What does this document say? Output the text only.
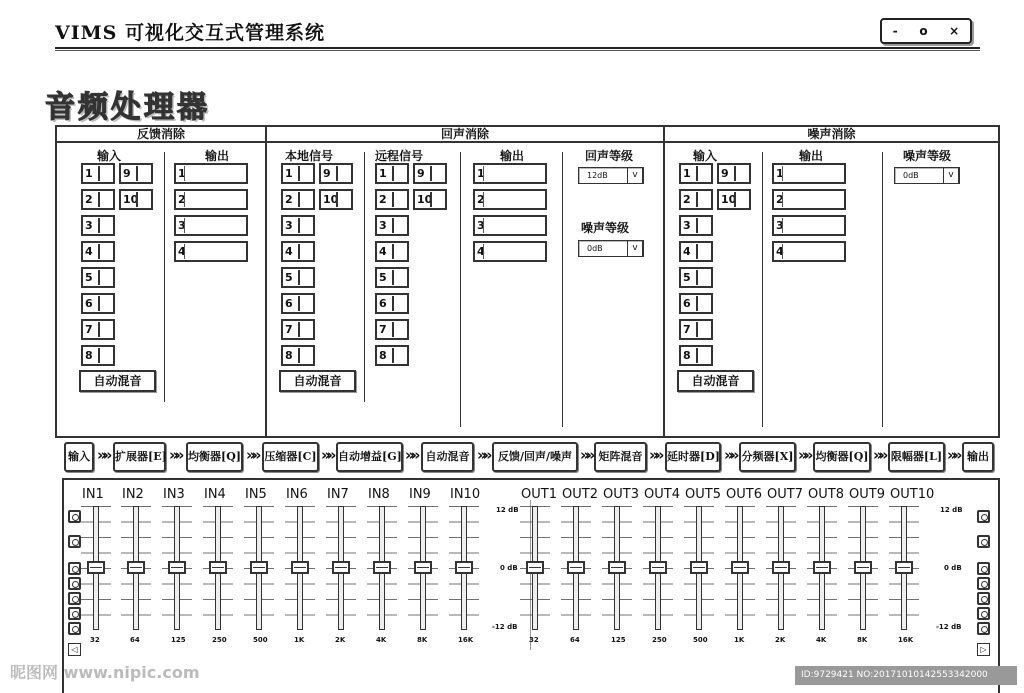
VIMS 可视化交互式管理系统	-	o	×
音频处理器
反馈消除	回声消除	噪声消除
输入	输出
1	9
2	10
3
4
5
6
7
8
1
2
3
4
自动混音
本地信号	远程信号	输出	回声等级
噪声等级
1	9
2	10
3
4
5
6
7
8
1	9
2	10
3
4
5
6
7
8
1
2
3
4
12dB	v
0dB	v
自动混音
输入	输出	噪声等级
1	9
2	10
3
4
5
6
7
8
1
2
3
4
0dB	v
自动混音
输入 »» 扩展器[E] »» 均衡器[Q] »» 压缩器[C] »» 自动增益[G] »» 自动混音 »» 反馈/回声/噪声 »» 矩阵混音 »» 延时器[D] »» 分频器[X] »» 均衡器[Q] »» 限幅器[L] »» 输出
◁	▷
12 dB
0 dB
-12 dB
12 dB
0 dB
-12 dB
IN1
32
IN2
64
IN3
125
IN4
250
IN5
500
IN6
1K
IN7
2K
IN8
4K
IN9
8K
IN10
16K
OUT1
32
OUT2
64
OUT3
125
OUT4
250
OUT5
500
OUT6
1K
OUT7
2K
OUT8
4K
OUT9
8K
OUT10
16K
昵图网 www.nipic.com	ID:9729421 NO:20171010142553342000
